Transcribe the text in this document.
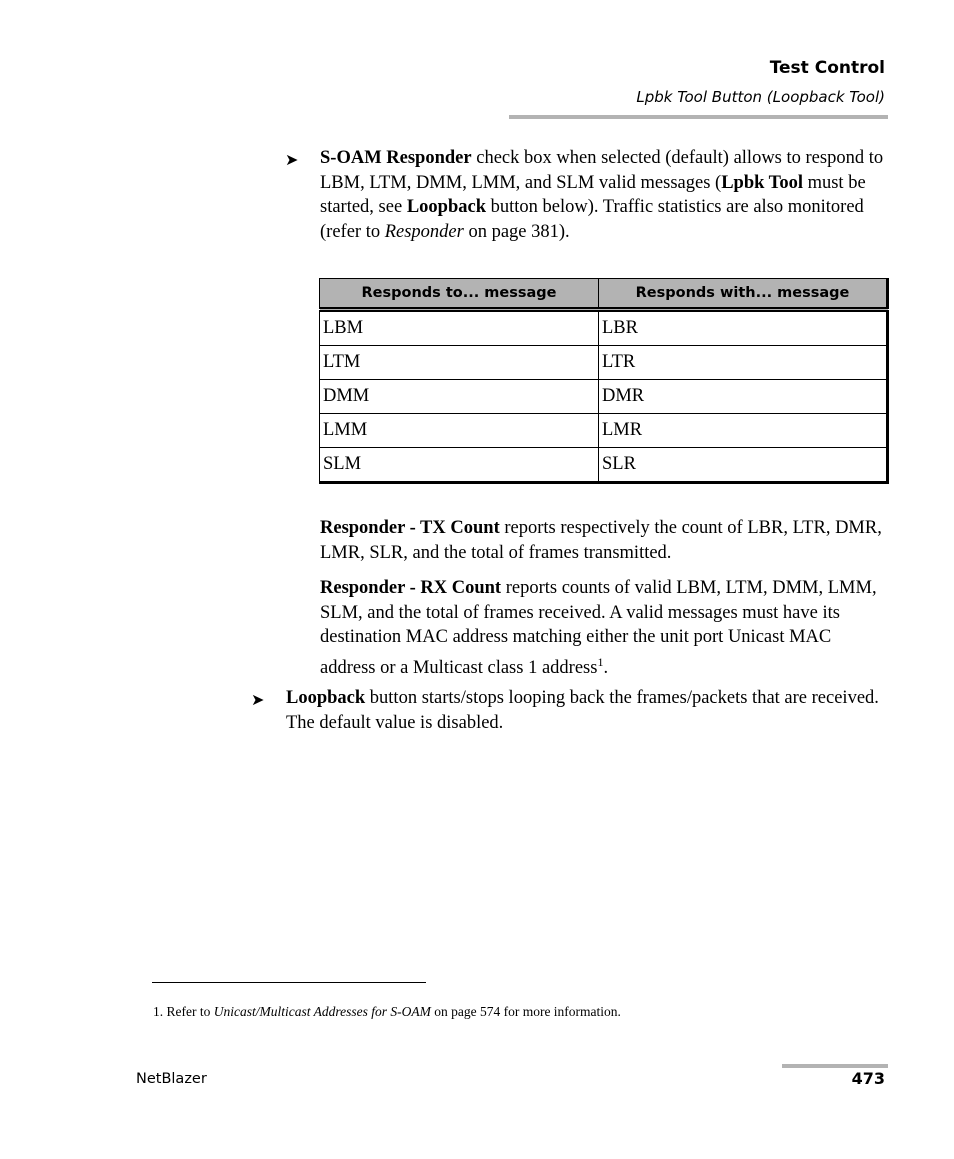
Test Control
Lpbk Tool Button (Loopback Tool)
➤ S-OAM Responder check box when selected (default) allows to respond to LBM, LTM, DMM, LMM, and SLM valid messages (Lpbk Tool must be started, see Loopback button below). Traffic statistics are also monitored (refer to Responder on page 381).

Responds to... message	Responds with... message
LBM	LBR
LTM	LTR
DMM	DMR
LMM	LMR
SLM	SLR

Responder - TX Count reports respectively the count of LBR, LTR, DMR, LMR, SLR, and the total of frames transmitted.

Responder - RX Count reports counts of valid LBM, LTM, DMM, LMM, SLM, and the total of frames received. A valid messages must have its destination MAC address matching either the unit port Unicast MAC address or a Multicast class 1 address$^1$.

➤ Loopback button starts/stops looping back the frames/packets that are received. The default value is disabled.

1. Refer to Unicast/Multicast Addresses for S-OAM on page 574 for more information.
NetBlazer	473
